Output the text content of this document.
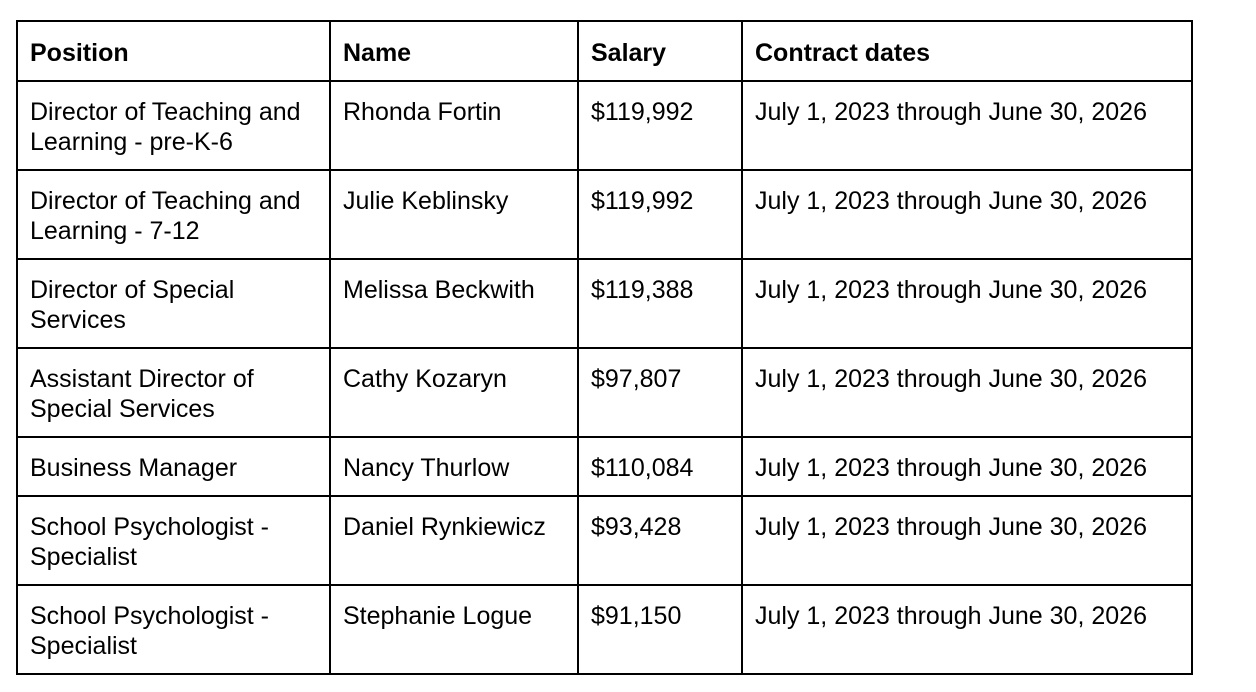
Position	Name	Salary	Contract dates
Director of Teaching and Learning - pre-K-6	Rhonda Fortin	$119,992	July 1, 2023 through June 30, 2026
Director of Teaching and Learning - 7-12	Julie Keblinsky	$119,992	July 1, 2023 through June 30, 2026
Director of Special Services	Melissa Beckwith	$119,388	July 1, 2023 through June 30, 2026
Assistant Director of Special Services	Cathy Kozaryn	$97,807	July 1, 2023 through June 30, 2026
Business Manager	Nancy Thurlow	$110,084	July 1, 2023 through June 30, 2026
School Psychologist - Specialist	Daniel Rynkiewicz	$93,428	July 1, 2023 through June 30, 2026
School Psychologist - Specialist	Stephanie Logue	$91,150	July 1, 2023 through June 30, 2026
